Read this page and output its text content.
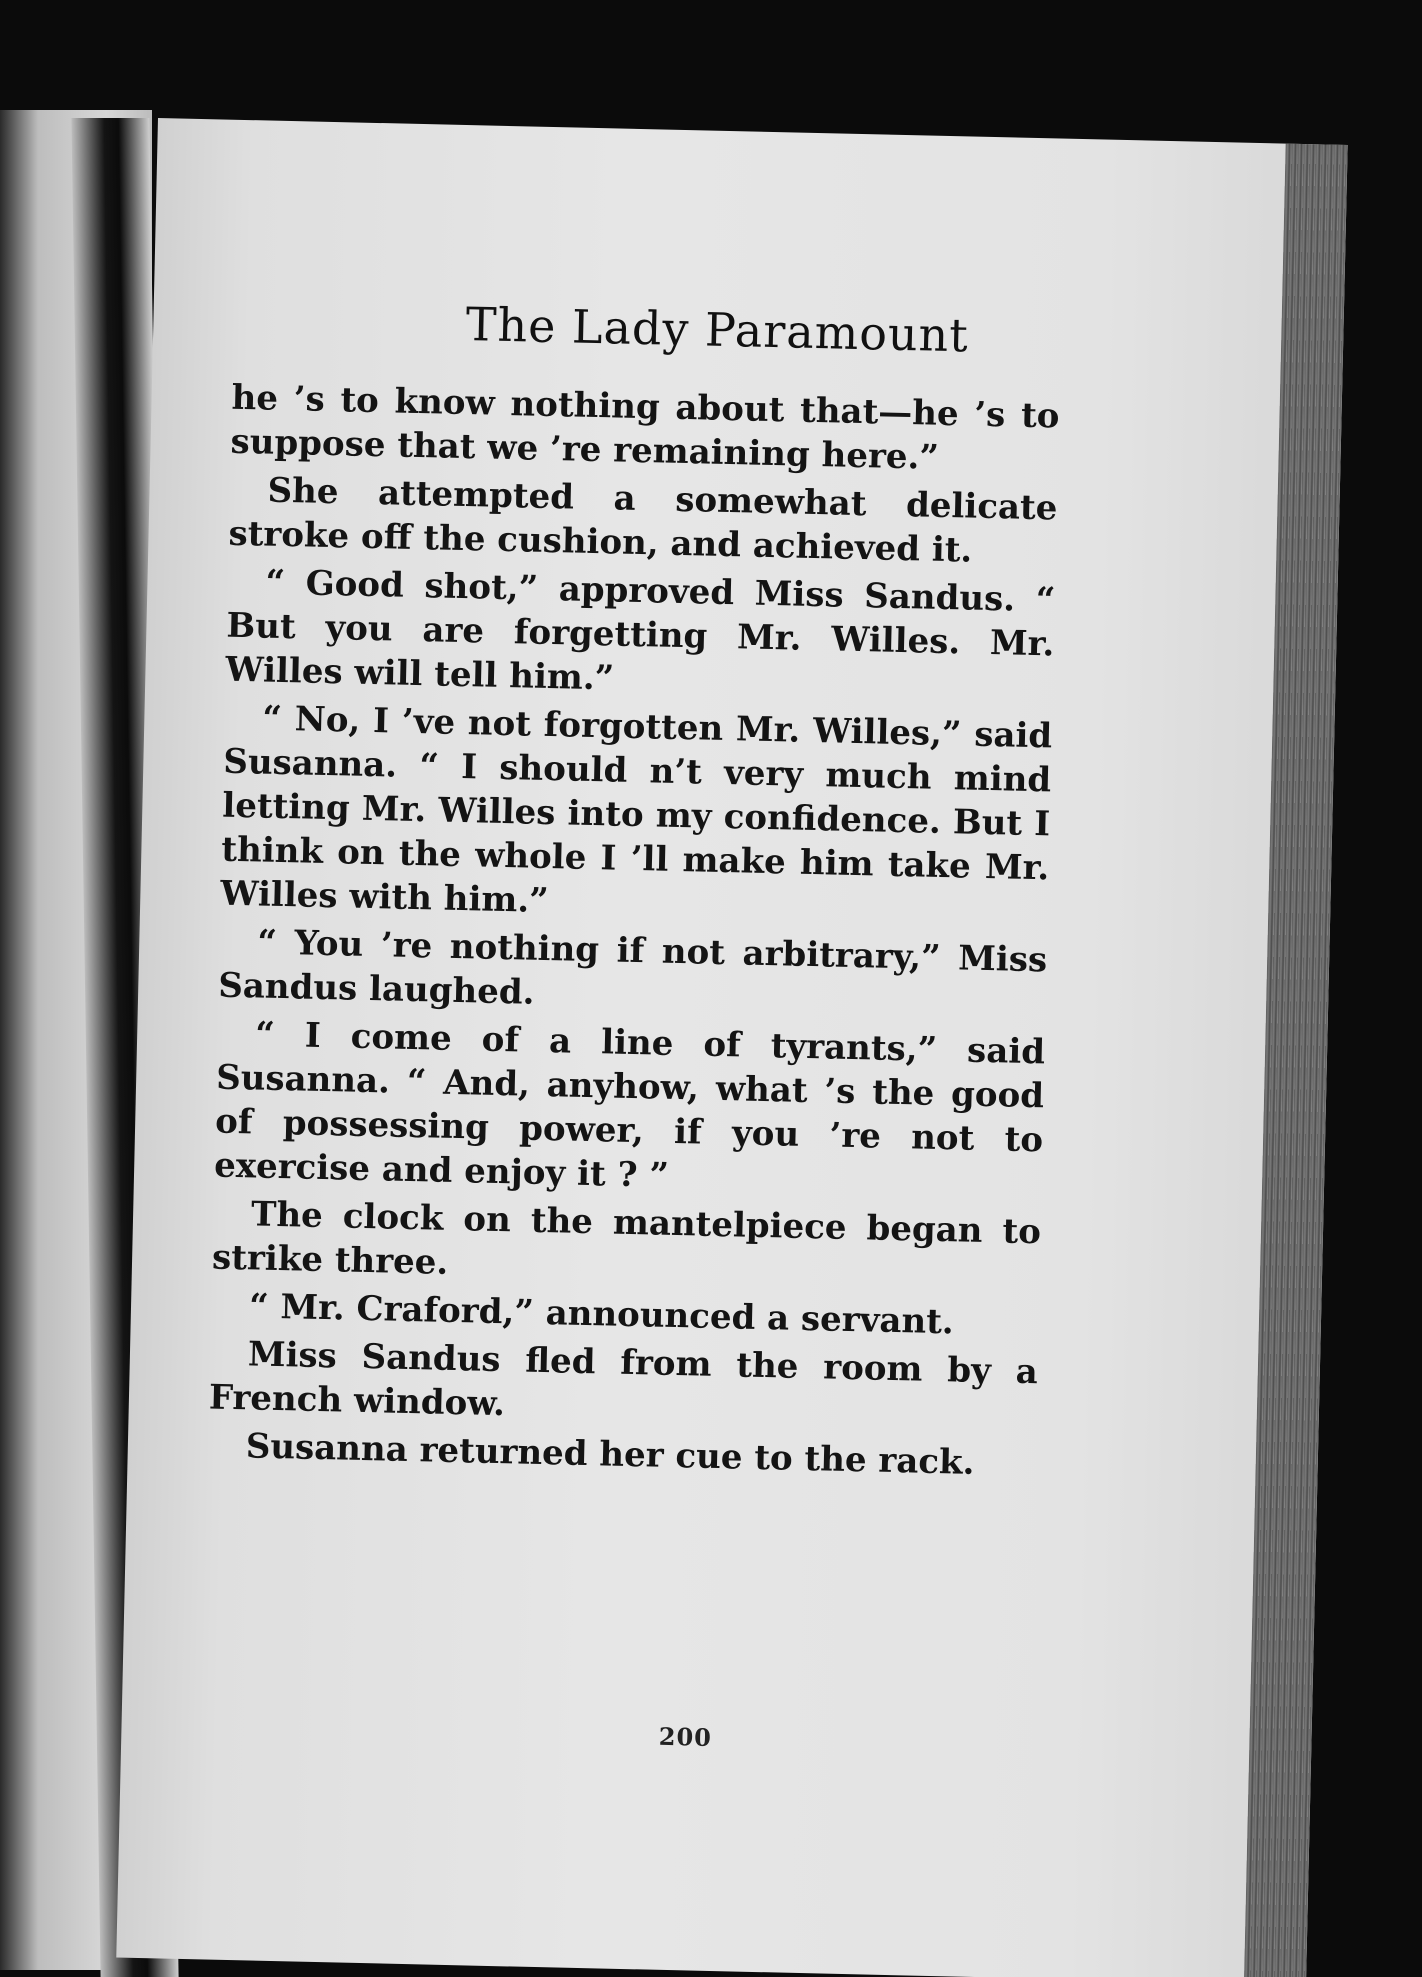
The Lady Paramount

he ’s to know nothing about that—he ’s to suppose that we ’re remaining here.”

She attempted a somewhat delicate stroke off the cushion, and achieved it.

“ Good shot,” approved Miss Sandus. “ But you are forgetting Mr. Willes. Mr. Willes will tell him.”

“ No, I ’ve not forgotten Mr. Willes,” said Susanna. “ I should n’t very much mind letting Mr. Willes into my confidence. But I think on the whole I ’ll make him take Mr. Willes with him.”

“ You ’re nothing if not arbitrary,” Miss Sandus laughed.

“ I come of a line of tyrants,” said Susanna. “ And, anyhow, what ’s the good of possessing power, if you ’re not to exercise and enjoy it ? ”

The clock on the mantelpiece began to strike three.

“ Mr. Craford,” announced a servant.

Miss Sandus fled from the room by a French window.

Susanna returned her cue to the rack.

200
